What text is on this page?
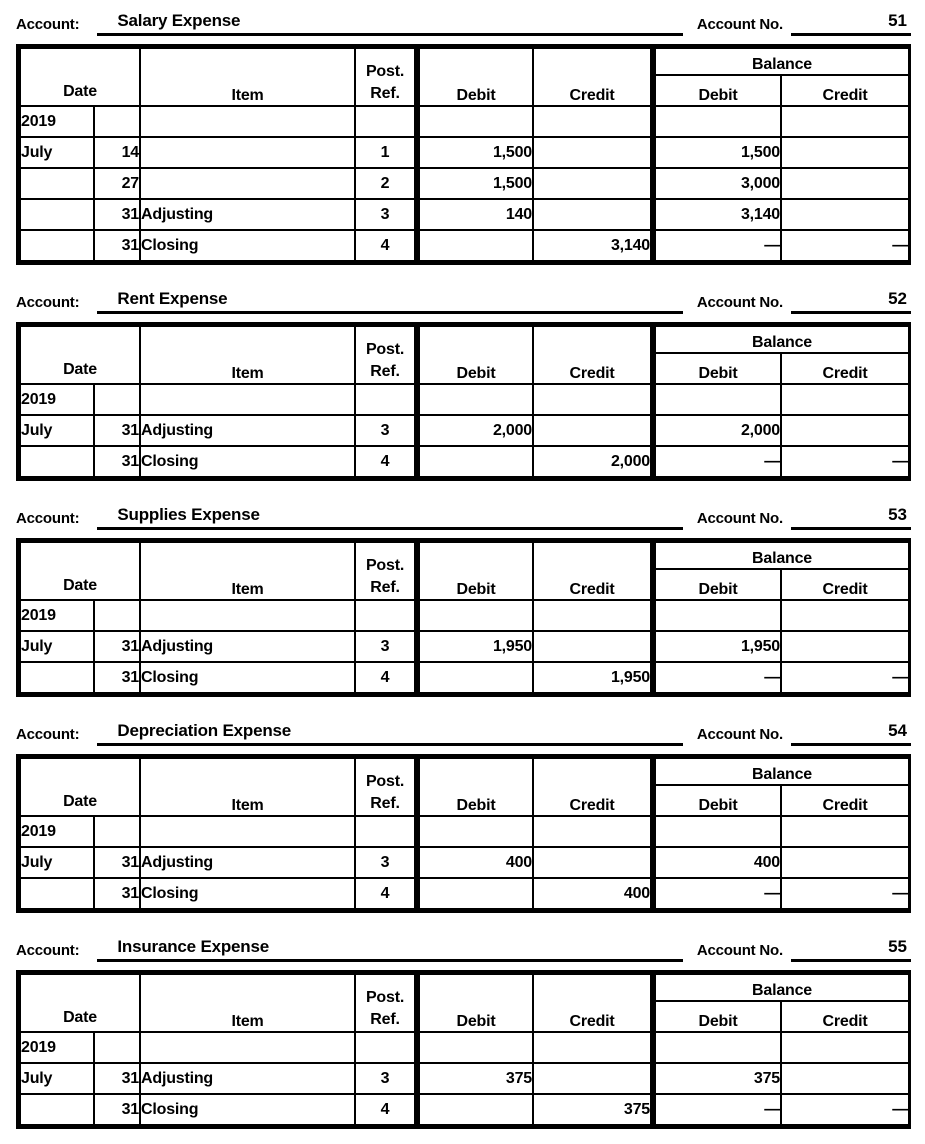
Account:	Salary Expense	Account No.	51
Date		Item	Post.
Ref.	Debit	Credit	Balance	
						Debit	Credit
2019							
July	14		1	1,500		1,500	
	27		2	1,500		3,000	
	31	Adjusting	3	140		3,140	
	31	Closing	4		3,140	—	—
Account:	Rent Expense	Account No.	52
Date		Item	Post.
Ref.	Debit	Credit	Balance	
						Debit	Credit
2019							
July	31	Adjusting	3	2,000		2,000	
	31	Closing	4		2,000	—	—
Account:	Supplies Expense	Account No.	53
Date		Item	Post.
Ref.	Debit	Credit	Balance	
						Debit	Credit
2019							
July	31	Adjusting	3	1,950		1,950	
	31	Closing	4		1,950	—	—
Account:	Depreciation Expense	Account No.	54
Date		Item	Post.
Ref.	Debit	Credit	Balance	
						Debit	Credit
2019							
July	31	Adjusting	3	400		400	
	31	Closing	4		400	—	—
Account:	Insurance Expense	Account No.	55
Date		Item	Post.
Ref.	Debit	Credit	Balance	
						Debit	Credit
2019							
July	31	Adjusting	3	375		375	
	31	Closing	4		375	—	—
